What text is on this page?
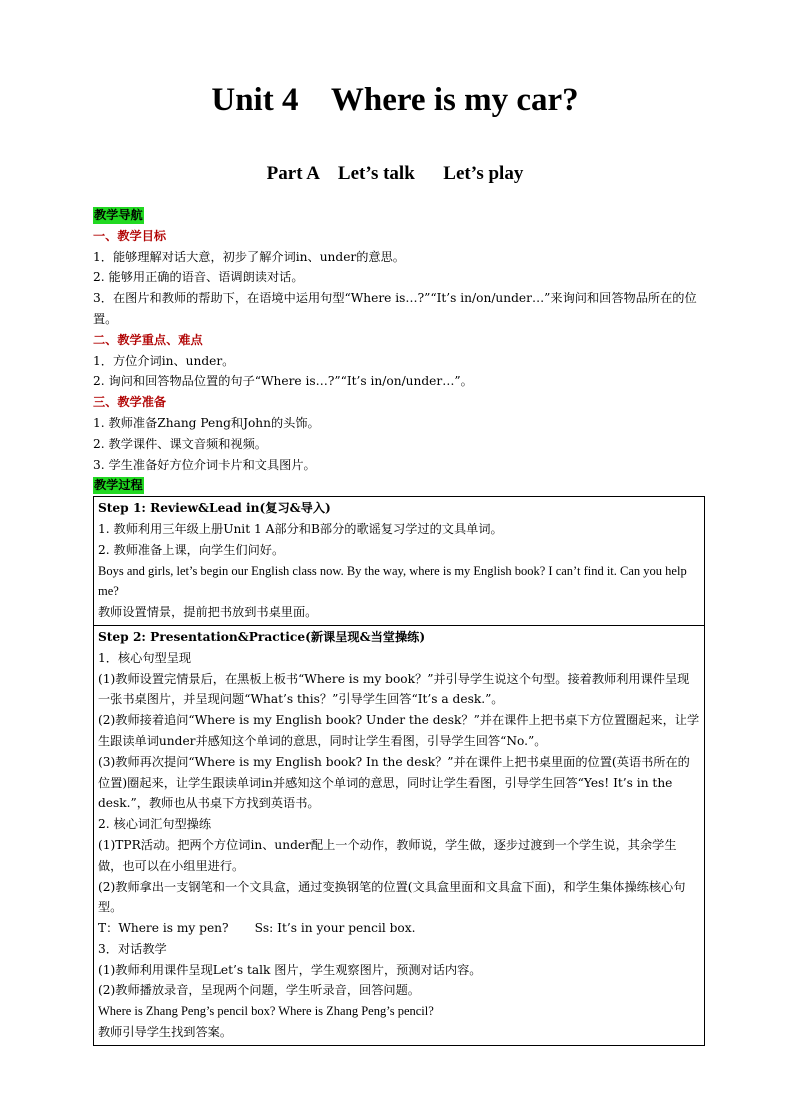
Unit 4    Where is my car?
Part A    Let’s talk      Let’s play

教学导航

一、教学目标

1．能够理解对话大意，初步了解介词in、under的意思。

2. 能够用正确的语音、语调朗读对话。

3．在图片和教师的帮助下，在语境中运用句型“Where is…?”“It’s in/on/under…”来询问和回答物品所在的位置。

二、教学重点、难点

1．方位介词in、under。

2. 询问和回答物品位置的句子“Where is…?”“It’s in/on/under…”。

三、教学准备

1. 教师准备Zhang Peng和John的头饰。

2. 教学课件、课文音频和视频。

3. 学生准备好方位介词卡片和文具图片。

教学过程

Step 1: Review&Lead in(复习&导入)

1. 教师利用三年级上册Unit 1 A部分和B部分的歌谣复习学过的文具单词。

2. 教师准备上课，向学生们问好。

Boys and girls, let’s begin our English class now. By the way, where is my English book? I can’t find it. Can you help me?

教师设置情景，提前把书放到书桌里面。

Step 2: Presentation&Practice(新课呈现&当堂操练)

1．核心句型呈现

(1)教师设置完情景后，在黑板上板书“Where is my book？”并引导学生说这个句型。接着教师利用课件呈现一张书桌图片，并呈现问题“What’s this？”引导学生回答“It’s a desk.”。

(2)教师接着追问“Where is my English book? Under the desk？”并在课件上把书桌下方位置圈起来，让学生跟读单词under并感知这个单词的意思，同时让学生看图，引导学生回答“No.”。

(3)教师再次提问“Where is my English book? In the desk？”并在课件上把书桌里面的位置(英语书所在的位置)圈起来，让学生跟读单词in并感知这个单词的意思，同时让学生看图，引导学生回答“Yes! It’s in the desk.”，教师也从书桌下方找到英语书。

2. 核心词汇句型操练

(1)TPR活动。把两个方位词in、under配上一个动作，教师说，学生做，逐步过渡到一个学生说，其余学生做，也可以在小组里进行。

(2)教师拿出一支钢笔和一个文具盒，通过变换钢笔的位置(文具盒里面和文具盒下面)，和学生集体操练核心句型。

T：Where is my pen? Ss: It’s in your pencil box.

3．对话教学

(1)教师利用课件呈现Let’s talk 图片，学生观察图片，预测对话内容。

(2)教师播放录音，呈现两个问题，学生听录音，回答问题。

Where is Zhang Peng’s pencil box? Where is Zhang Peng’s pencil?

教师引导学生找到答案。
